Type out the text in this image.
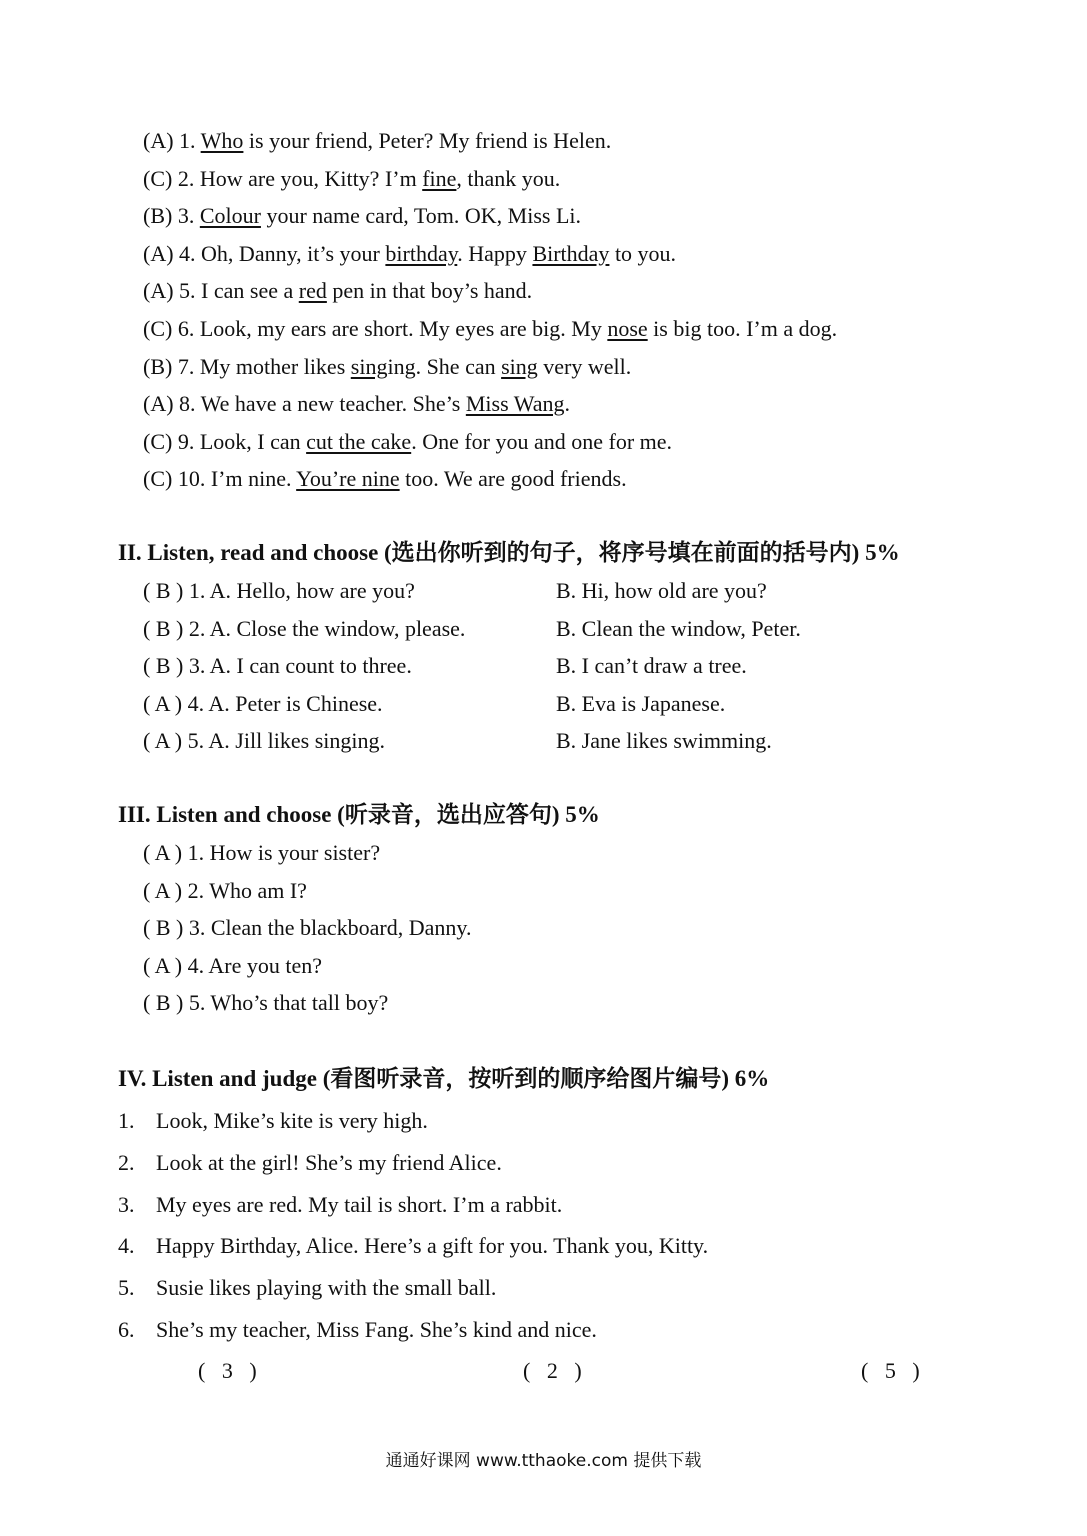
(A) 1. Who is your friend, Peter? My friend is Helen.
(C) 2. How are you, Kitty? I’m fine, thank you.
(B) 3. Colour your name card, Tom. OK, Miss Li.
(A) 4. Oh, Danny, it’s your birthday. Happy Birthday to you.
(A) 5. I can see a red pen in that boy’s hand.
(C) 6. Look, my ears are short. My eyes are big. My nose is big too. I’m a dog.
(B) 7. My mother likes singing. She can sing very well.
(A) 8. We have a new teacher. She’s Miss Wang.
(C) 9. Look, I can cut the cake. One for you and one for me.
(C) 10. I’m nine. You’re nine too. We are good friends.
II. Listen, read and choose (选出你听到的句子，将序号填在前面的括号内) 5%
( B ) 1. A. Hello, how are you?	B. Hi, how old are you?
( B ) 2. A. Close the window, please.	B. Clean the window, Peter.
( B ) 3. A. I can count to three.	B. I can’t draw a tree.
( A ) 4. A. Peter is Chinese.	B. Eva is Japanese.
( A ) 5. A. Jill likes singing.	B. Jane likes swimming.
III. Listen and choose (听录音，选出应答句) 5%
( A ) 1. How is your sister?
( A ) 2. Who am I?
( B ) 3. Clean the blackboard, Danny.
( A ) 4. Are you ten?
( B ) 5. Who’s that tall boy?
IV. Listen and judge (看图听录音，按听到的顺序给图片编号) 6%
1. Look, Mike’s kite is very high.
2. Look at the girl! She’s my friend Alice.
3. My eyes are red. My tail is short. I’m a rabbit.
4. Happy Birthday, Alice. Here’s a gift for you. Thank you, Kitty.
5. Susie likes playing with the small ball.
6. She’s my teacher, Miss Fang. She’s kind and nice.
(   3   )	(   2   )	(   5   )
通通好课网 www.tthaoke.com 提供下载
